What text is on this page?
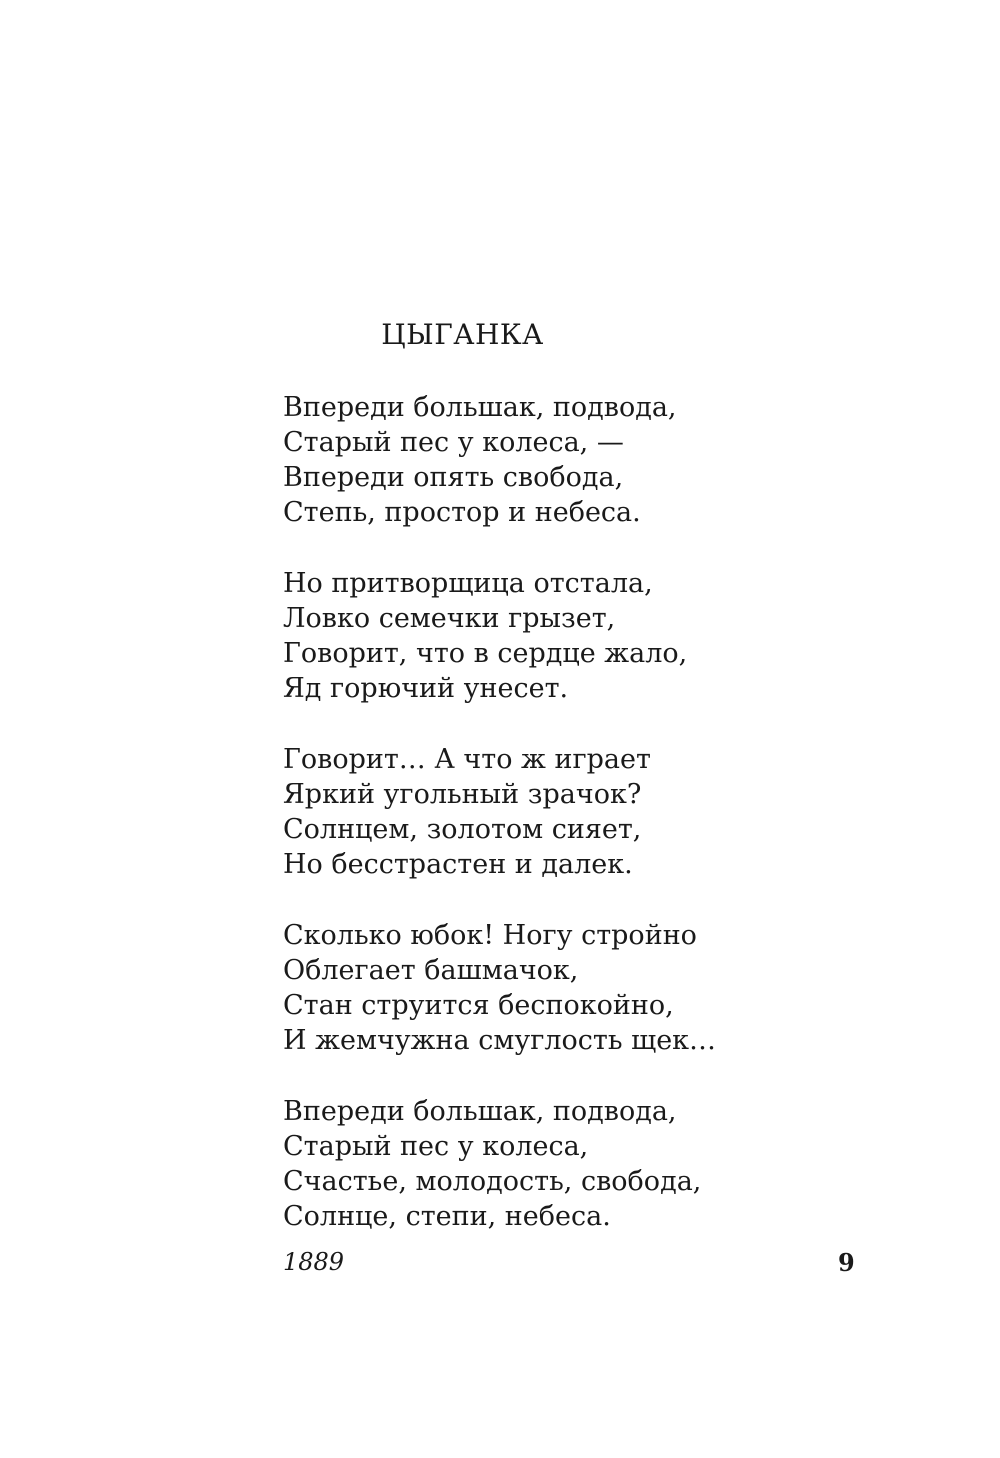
ЦЫГАНКА
Впереди большак, подвода,
Старый пес у колеса, —
Впереди опять свобода,
Степь, простор и небеса.
Но притворщица отстала,
Ловко семечки грызет,
Говорит, что в сердце жало,
Яд горючий унесет.
Говорит… А что ж играет
Яркий угольный зрачок?
Солнцем, золотом сияет,
Но бесстрастен и далек.
Сколько юбок! Ногу стройно
Облегает башмачок,
Стан струится беспокойно,
И жемчужна смуглость щек…
Впереди большак, подвода,
Старый пес у колеса,
Счастье, молодость, свобода,
Солнце, степи, небеса.
1889	9
